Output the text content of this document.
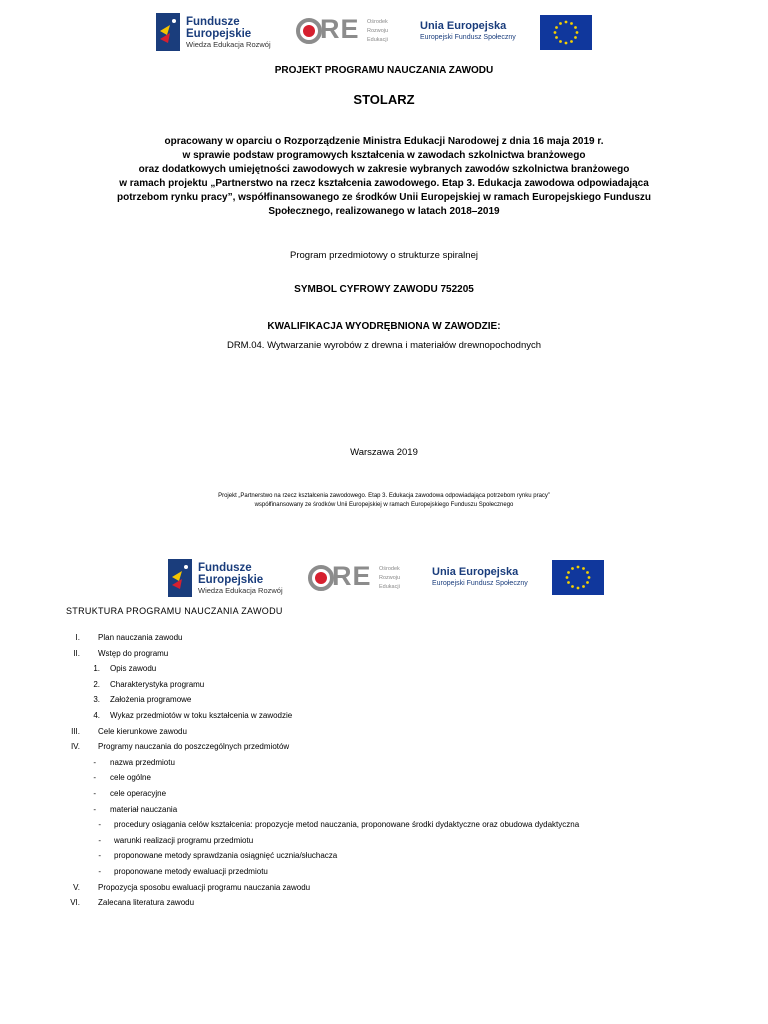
Fundusze
Europejskie
Wiedza Edukacja Rozwój
RE Ośrodek
Rozwoju
Edukacji
Unia Europejska
Europejski Fundusz Społeczny
PROJEKT PROGRAMU NAUCZANIA ZAWODU
STOLARZ
opracowany w oparciu o Rozporządzenie Ministra Edukacji Narodowej z dnia 16 maja 2019 r.
w sprawie podstaw programowych kształcenia w zawodach szkolnictwa branżowego
oraz dodatkowych umiejętności zawodowych w zakresie wybranych zawodów szkolnictwa branżowego
w ramach projektu „Partnerstwo na rzecz kształcenia zawodowego. Etap 3. Edukacja zawodowa odpowiadająca
potrzebom rynku pracy”, współfinansowanego ze środków Unii Europejskiej w ramach Europejskiego Funduszu
Społecznego, realizowanego w latach 2018–2019
Program przedmiotowy o strukturze spiralnej
SYMBOL CYFROWY ZAWODU 752205
KWALIFIKACJA WYODRĘBNIONA W ZAWODZIE:
DRM.04. Wytwarzanie wyrobów z drewna i materiałów drewnopochodnych
Warszawa 2019
Projekt „Partnerstwo na rzecz kształcenia zawodowego. Etap 3. Edukacja zawodowa odpowiadająca potrzebom rynku pracy”
współfinansowany ze środków Unii Europejskiej w ramach Europejskiego Funduszu Społecznego
Fundusze
Europejskie
Wiedza Edukacja Rozwój RE Ośrodek
Rozwoju
Edukacji
Unia Europejska
Europejski Fundusz Społeczny
STRUKTURA PROGRAMU NAUCZANIA ZAWODU
I. Plan nauczania zawodu
II. Wstęp do programu
1. Opis zawodu
2. Charakterystyka programu
3. Założenia programowe
4. Wykaz przedmiotów w toku kształcenia w zawodzie
III. Cele kierunkowe zawodu
IV. Programy nauczania do poszczególnych przedmiotów
- nazwa przedmiotu
- cele ogólne
- cele operacyjne
- materiał nauczania
- procedury osiągania celów kształcenia: propozycje metod nauczania, proponowane środki dydaktyczne oraz obudowa dydaktyczna
- warunki realizacji programu przedmiotu
- proponowane metody sprawdzania osiągnięć ucznia/słuchacza
- proponowane metody ewaluacji przedmiotu
V. Propozycja sposobu ewaluacji programu nauczania zawodu
VI. Zalecana literatura zawodu
